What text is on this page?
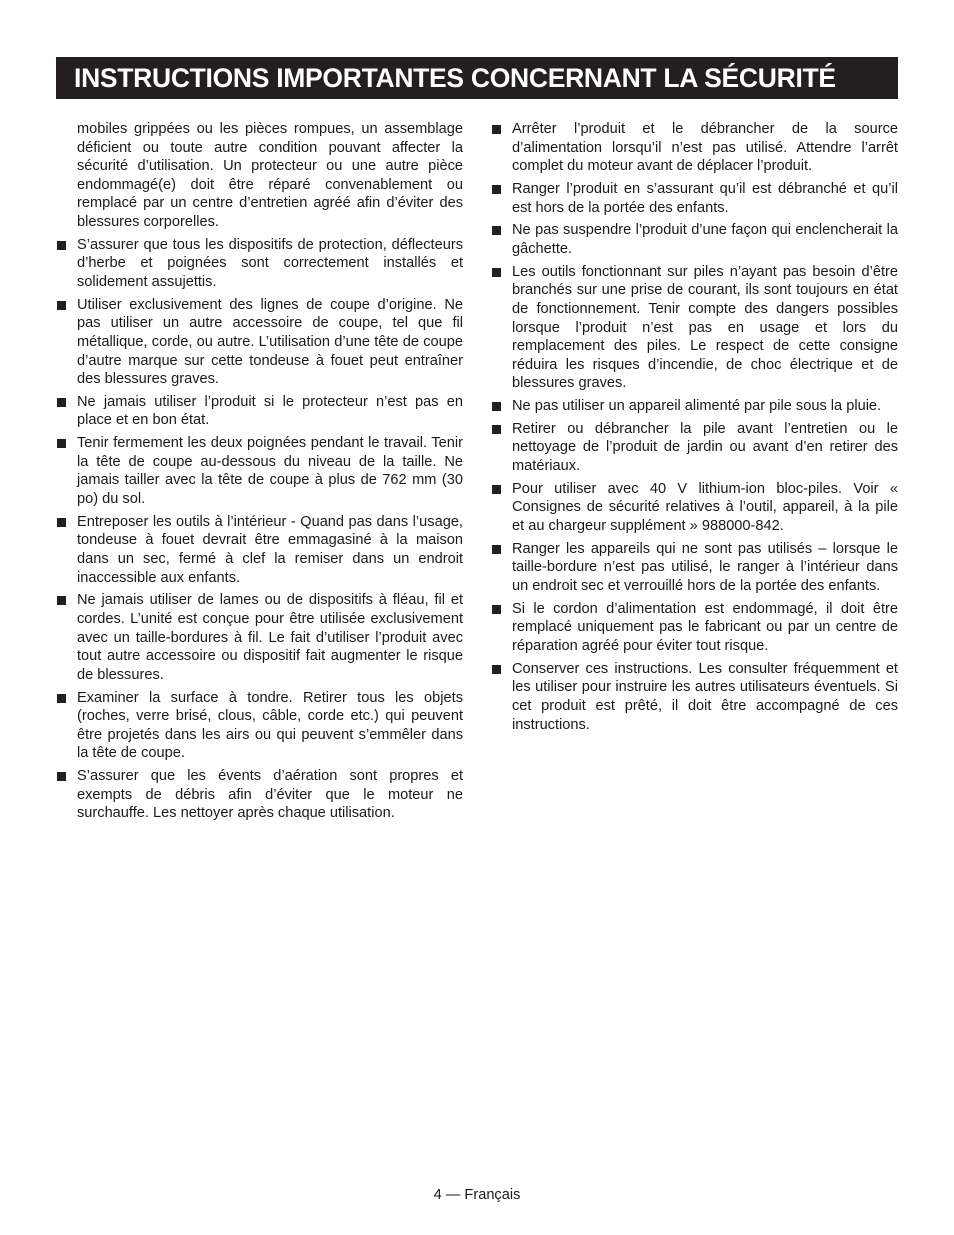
INSTRUCTIONS IMPORTANTES CONCERNANT LA SÉCURITÉ

mobiles grippées ou les pièces rompues, un assemblage déficient ou toute autre condition pouvant affecter la sécurité d’utilisation. Un protecteur ou une autre pièce endommagé(e) doit être réparé convenablement ou remplacé par un centre d’entretien agréé afin d’éviter des blessures corporelles.

S’assurer que tous les dispositifs de protection, déflecteurs d’herbe et poignées sont correctement installés et solidement assujettis.
Utiliser exclusivement des lignes de coupe d’origine. Ne pas utiliser un autre accessoire de coupe, tel que fil métallique, corde, ou autre. L’utilisation d’une tête de coupe d’autre marque sur cette tondeuse à fouet peut entraîner des blessures graves.
Ne jamais utiliser l’produit si le protecteur n’est pas en place et en bon état.
Tenir fermement les deux poignées pendant le travail. Tenir la tête de coupe au-dessous du niveau de la taille. Ne jamais tailler avec la tête de coupe à plus de 762 mm (30 po) du sol.
Entreposer les outils à l’intérieur - Quand pas dans l’usage, tondeuse à fouet devrait être emmagasiné à la maison dans un sec, fermé à clef la remiser dans un endroit inaccessible aux enfants.
Ne jamais utiliser de lames ou de dispositifs à fléau, fil et cordes. L’unité est conçue pour être utilisée exclusivement avec un taille-bordures à fil. Le fait d’utiliser l’produit avec tout autre accessoire ou dispositif fait augmenter le risque de blessures.
Examiner la surface à tondre. Retirer tous les objets (roches, verre brisé, clous, câble, corde etc.) qui peuvent être projetés dans les airs ou qui peuvent s’emmêler dans la tête de coupe.
S’assurer que les évents d’aération sont propres et exempts de débris afin d’éviter que le moteur ne surchauffe. Les nettoyer après chaque utilisation.
Arrêter l’produit et le débrancher de la source d’alimentation lorsqu’il n’est pas utilisé. Attendre l’arrêt complet du moteur avant de déplacer l’produit.
Ranger l’produit en s’assurant qu’il est débranché et qu’il est hors de la portée des enfants.
Ne pas suspendre l’produit d’une façon qui enclencherait la gâchette.
Les outils fonctionnant sur piles n’ayant pas besoin d’être branchés sur une prise de courant, ils sont toujours en état de fonctionnement. Tenir compte des dangers possibles lorsque l’produit n’est pas en usage et lors du remplacement des piles. Le respect de cette consigne réduira les risques d’incendie, de choc électrique et de blessures graves.
Ne pas utiliser un appareil alimenté par pile sous la pluie.
Retirer ou débrancher la pile avant l’entretien ou le nettoyage de l’produit de jardin ou avant d’en retirer des matériaux.
Pour utiliser avec 40 V lithium-ion bloc-piles. Voir « Consignes de sécurité relatives à l’outil, appareil, à la pile et au chargeur supplément » 988000-842.
Ranger les appareils qui ne sont pas utilisés – lorsque le taille-bordure n’est pas utilisé, le ranger à l’intérieur dans un endroit sec et verrouillé hors de la portée des enfants.
Si le cordon d’alimentation est endommagé, il doit être remplacé uniquement pas le fabricant ou par un centre de réparation agréé pour éviter tout risque.
Conserver ces instructions. Les consulter fréquemment et les utiliser pour instruire les autres utilisateurs éventuels. Si cet produit est prêté, il doit être accompagné de ces instructions.
4 — Français
